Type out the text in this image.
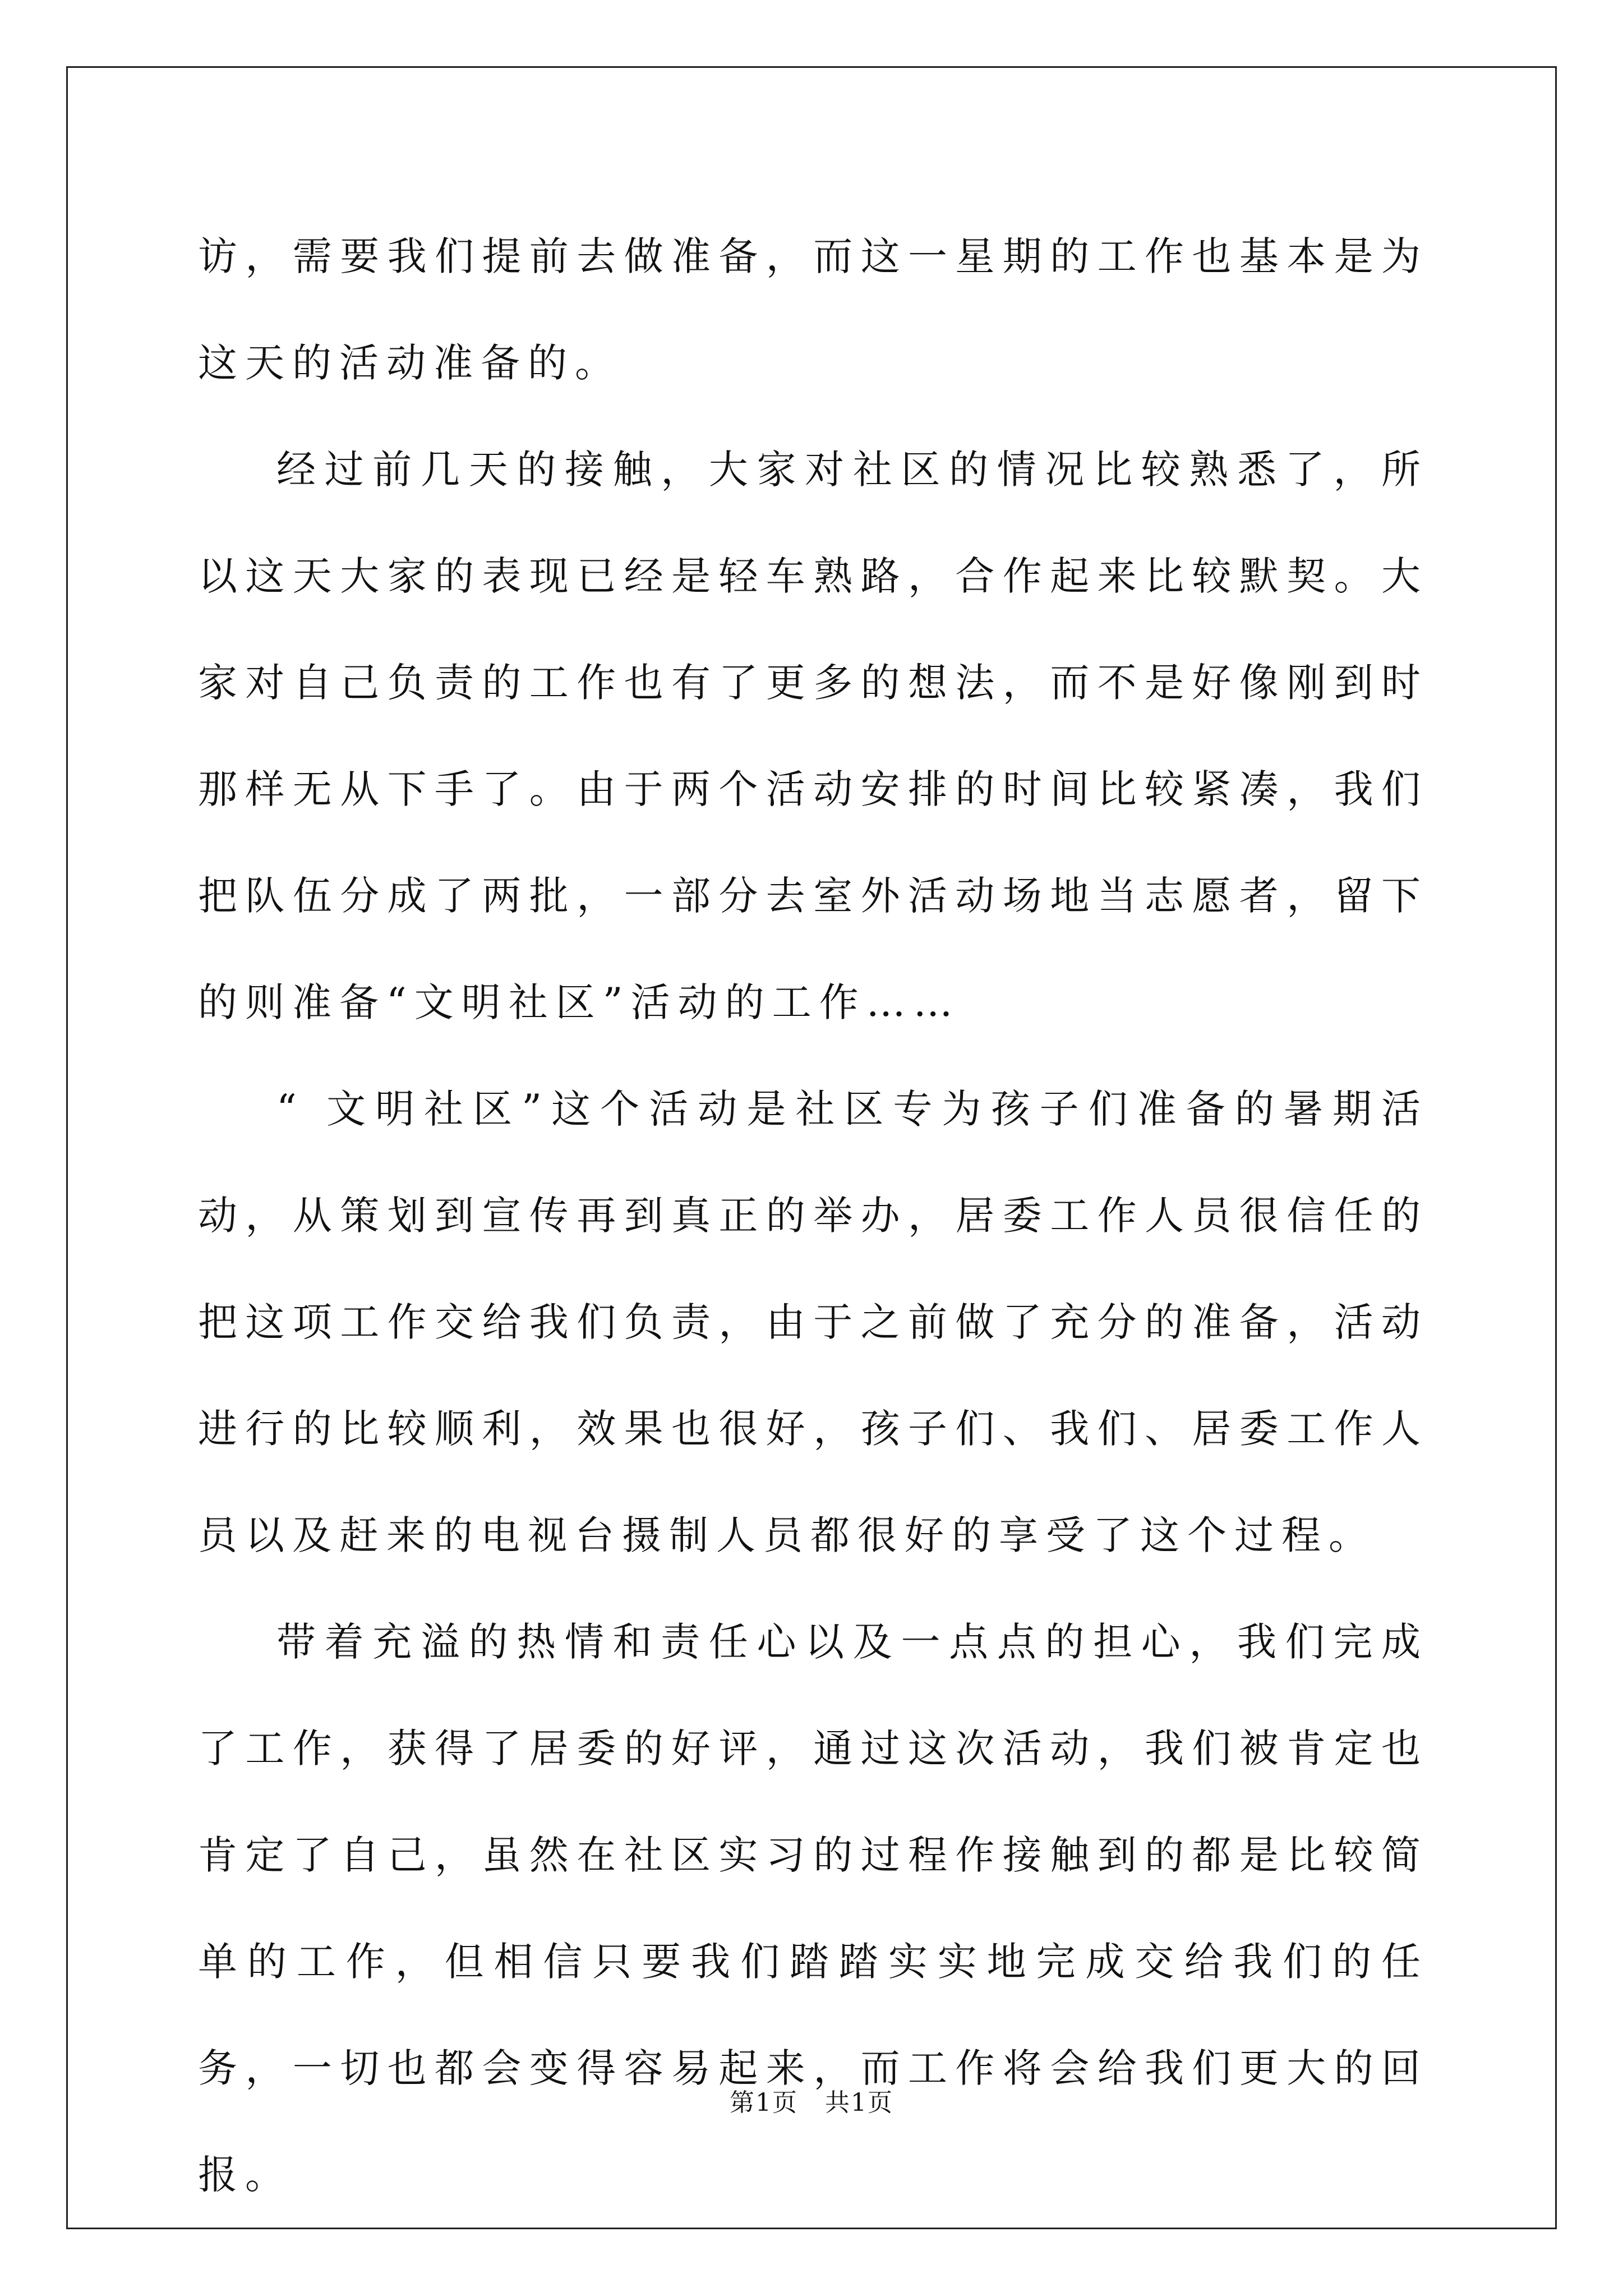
访，需要我们提前去做准备，而这一星期的工作也基本是为这天的活动准备的。

经过前几天的接触，大家对社区的情况比较熟悉了，所以这天大家的表现已经是轻车熟路，合作起来比较默契。大家对自己负责的工作也有了更多的想法，而不是好像刚到时那样无从下手了。由于两个活动安排的时间比较紧凑，我们把队伍分成了两批，一部分去室外活动场地当志愿者，留下的则准备“文明社区”活动的工作……

“ 文明社区”这个活动是社区专为孩子们准备的暑期活动，从策划到宣传再到真正的举办，居委工作人员很信任的把这项工作交给我们负责，由于之前做了充分的准备，活动进行的比较顺利，效果也很好，孩子们、我们、居委工作人员以及赶来的电视台摄制人员都很好的享受了这个过程。

带着充溢的热情和责任心以及一点点的担心，我们完成了工作，获得了居委的好评，通过这次活动，我们被肯定也肯定了自己，虽然在社区实习的过程作接触到的都是比较简单的工作，但相信只要我们踏踏实实地完成交给我们的任务，一切也都会变得容易起来，而工作将会给我们更大的回报。

第1页 共1页
